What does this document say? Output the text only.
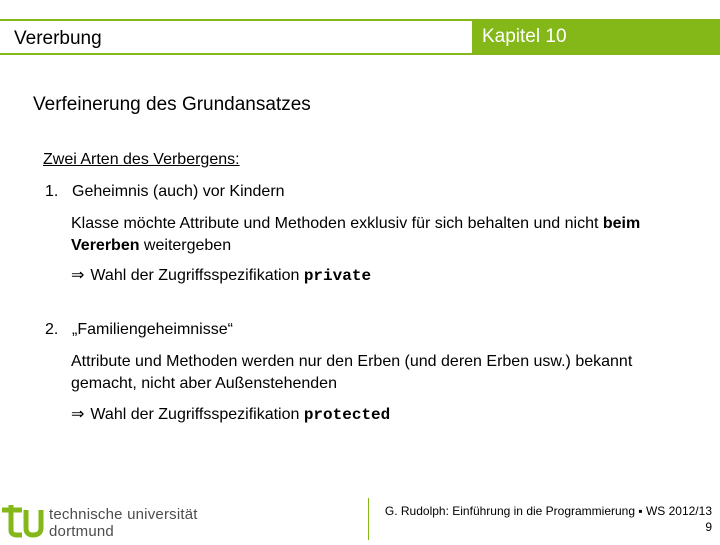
Vererbung	Kapitel 10
Verfeinerung des Grundansatzes
Zwei Arten des Verbergens:
1. Geheimnis (auch) vor Kindern
Klasse möchte Attribute und Methoden exklusiv für sich behalten und nicht beim Vererben weitergeben
⇒ Wahl der Zugriffsspezifikation private
2. „Familiengeheimnisse“
Attribute und Methoden werden nur den Erben (und deren Erben usw.) bekannt gemacht, nicht aber Außenstehenden
⇒ Wahl der Zugriffsspezifikation protected
technische universität
dortmund
G. Rudolph: Einführung in die Programmierung ▪ WS 2012/13
9
